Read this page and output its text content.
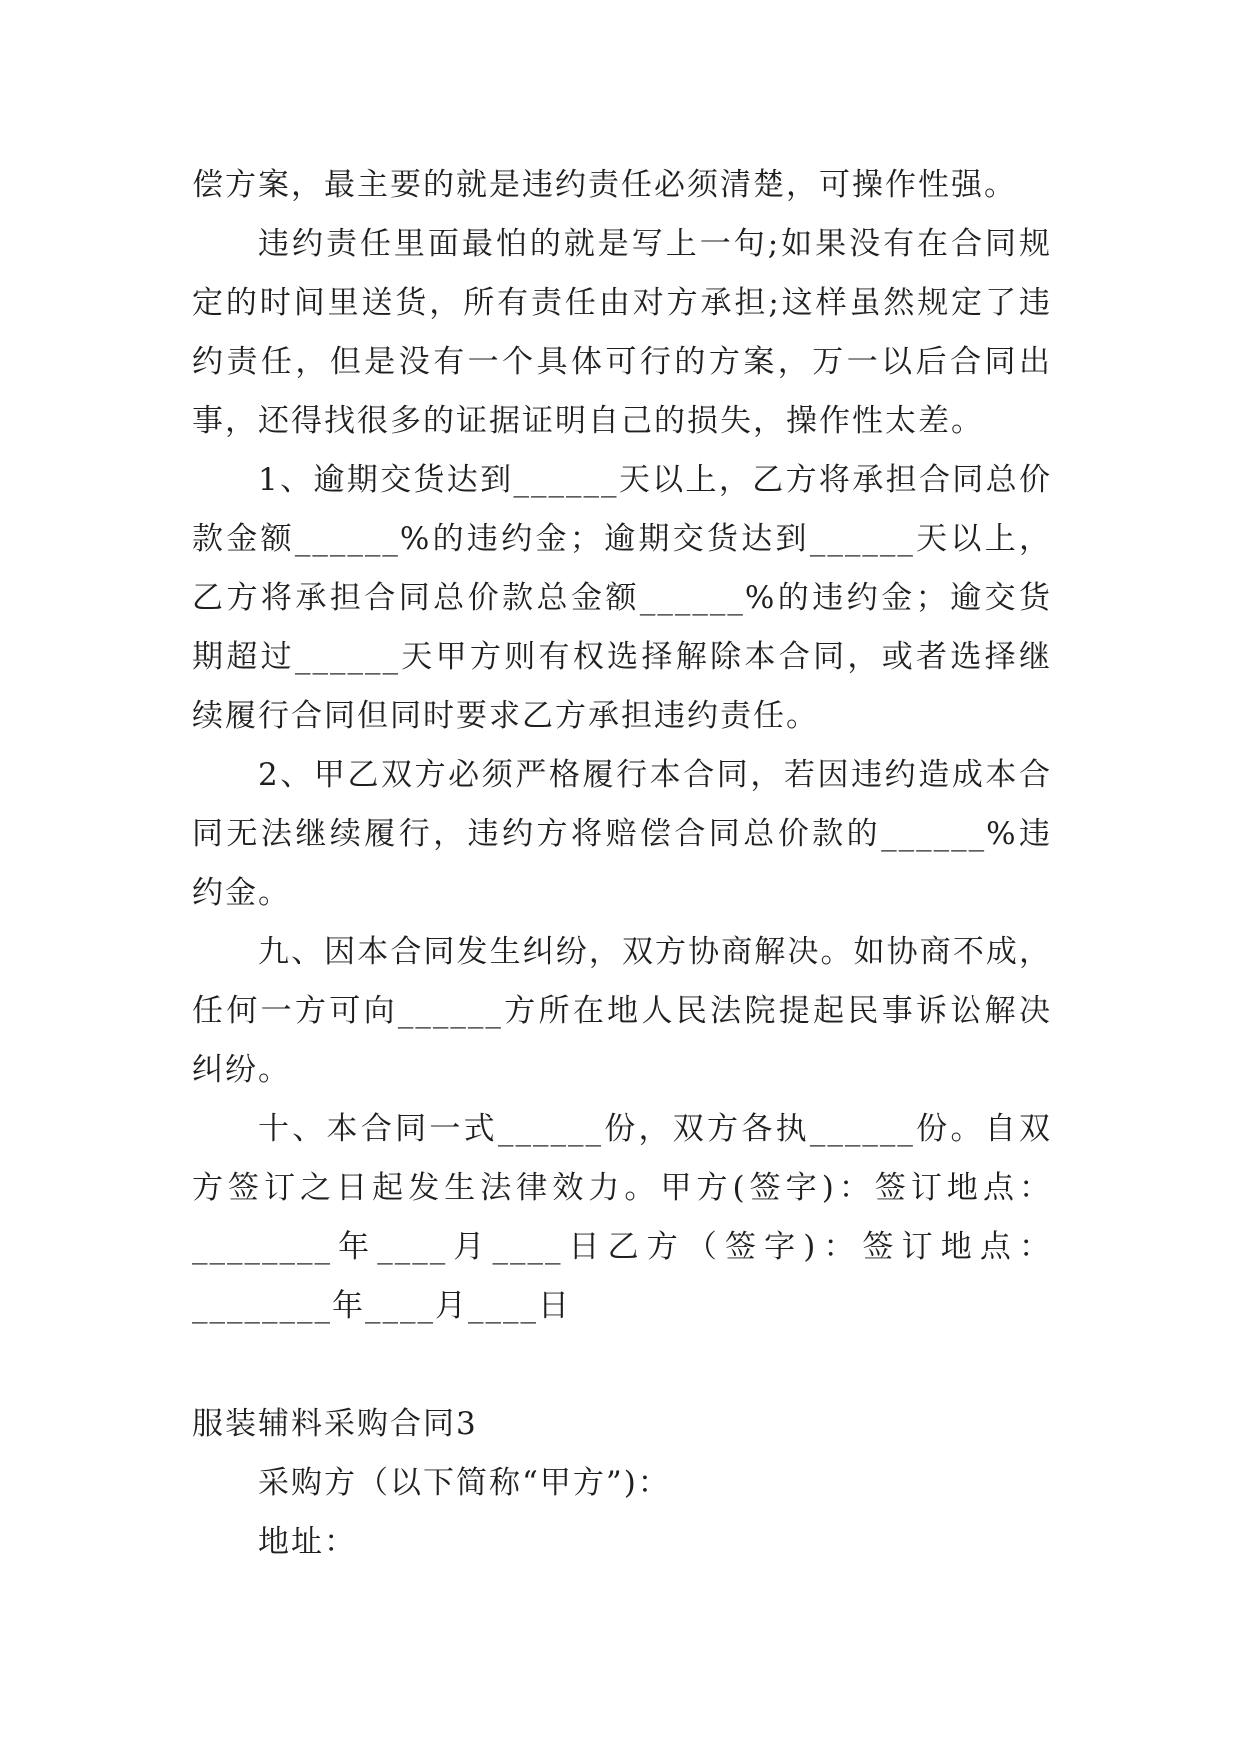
偿方案，最主要的就是违约责任必须清楚，可操作性强。

违约责任里面最怕的就是写上一句;如果没有在合同规定的时间里送货，所有责任由对方承担;这样虽然规定了违约责任，但是没有一个具体可行的方案，万一以后合同出事，还得找很多的证据证明自己的损失，操作性太差。

1、逾期交货达到______天以上，乙方将承担合同总价款金额______%的违约金；逾期交货达到______天以上，乙方将承担合同总价款总金额______%的违约金；逾交货期超过______天甲方则有权选择解除本合同，或者选择继续履行合同但同时要求乙方承担违约责任。

2、甲乙双方必须严格履行本合同，若因违约造成本合同无法继续履行，违约方将赔偿合同总价款的______%违约金。

九、因本合同发生纠纷，双方协商解决。如协商不成，任何一方可向______方所在地人民法院提起民事诉讼解决纠纷。

十、本合同一式______份，双方各执______份。自双方签订之日起发生法律效力。甲方(签字)：签订地点：________年____月____日乙方（签字)：签订地点：________年____月____日

服装辅料采购合同3

采购方（以下简称“甲方”)：

地址：
